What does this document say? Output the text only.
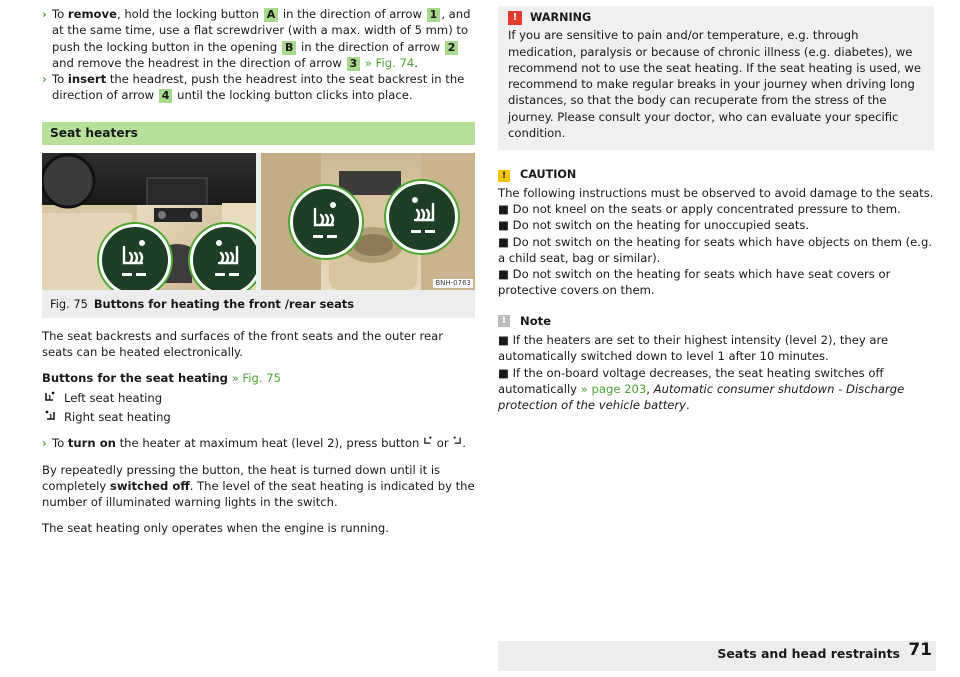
› To remove, hold the locking button A in the direction of arrow 1 , and at the same time, use a flat screwdriver (with a max. width of 5 mm) to push the locking button in the opening B in the direction of arrow 2 and remove the headrest in the direction of arrow 3 » Fig. 74.

› To insert the headrest, push the headrest into the seat backrest in the direction of arrow 4 until the locking button clicks into place.

Seat heaters
BNH-0763
Fig. 75 Buttons for heating the front /rear seats

The seat backrests and surfaces of the front seats and the outer rear seats can be heated electronically.

Buttons for the seat heating » Fig. 75

Left seat heating
Right seat heating

› To turn on the heater at maximum heat (level 2), press button  or .

By repeatedly pressing the button, the heat is turned down until it is completely switched off. The level of the seat heating is indicated by the number of illuminated warning lights in the switch.

The seat heating only operates when the engine is running.

!	WARNING

If you are sensitive to pain and/or temperature, e.g. through medication, paralysis or because of chronic illness (e.g. diabetes), we recommend not to use the seat heating. If the seat heating is used, we recommend to make regular breaks in your journey when driving long distances, so that the body can recuperate from the stress of the journey. Please consult your doctor, who can evaluate your specific condition.

!	CAUTION

The following instructions must be observed to avoid damage to the seats.

■ Do not kneel on the seats or apply concentrated pressure to them.

■ Do not switch on the heating for unoccupied seats.

■ Do not switch on the heating for seats which have objects on them (e.g. a child seat, bag or similar).

■ Do not switch on the heating for seats which have seat covers or protective covers on them.

i	Note

■ If the heaters are set to their highest intensity (level 2), they are automatically switched down to level 1 after 10 minutes.

■ If the on-board voltage decreases, the seat heating switches off automatically » page 203, Automatic consumer shutdown - Discharge protection of the vehicle battery.

Seats and head restraints 71
